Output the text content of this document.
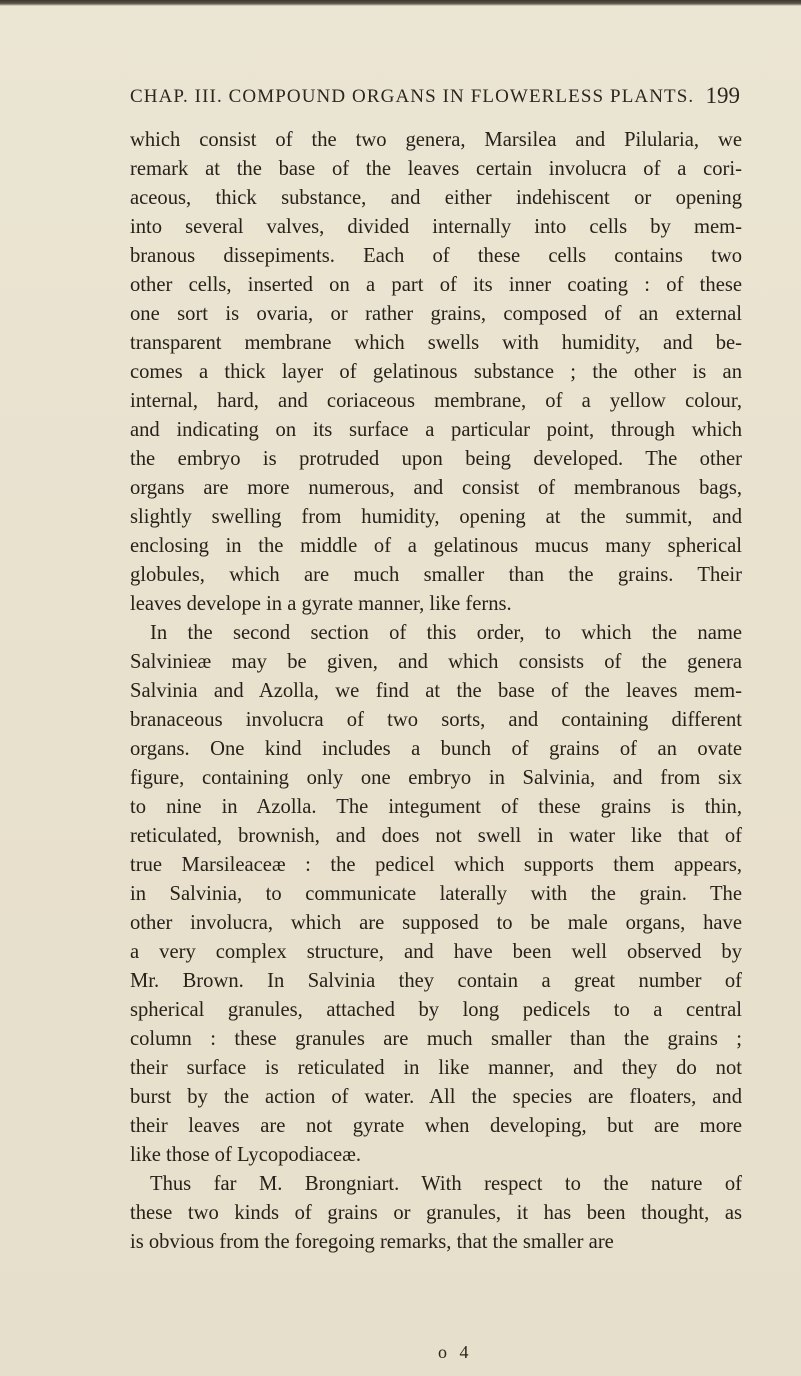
CHAP. III. COMPOUND ORGANS IN FLOWERLESS PLANTS. 199
which consist of the two genera, Marsilea and Pilularia, we
remark at the base of the leaves certain involucra of a cori-
aceous, thick substance, and either indehiscent or opening
into several valves, divided internally into cells by mem-
branous dissepiments. Each of these cells contains two
other cells, inserted on a part of its inner coating : of these
one sort is ovaria, or rather grains, composed of an external
transparent membrane which swells with humidity, and be-
comes a thick layer of gelatinous substance ; the other is an
internal, hard, and coriaceous membrane, of a yellow colour,
and indicating on its surface a particular point, through which
the embryo is protruded upon being developed. The other
organs are more numerous, and consist of membranous bags,
slightly swelling from humidity, opening at the summit, and
enclosing in the middle of a gelatinous mucus many spherical
globules, which are much smaller than the grains. Their
leaves develope in a gyrate manner, like ferns.
In the second section of this order, to which the name
Salvinieæ may be given, and which consists of the genera
Salvinia and Azolla, we find at the base of the leaves mem-
branaceous involucra of two sorts, and containing different
organs. One kind includes a bunch of grains of an ovate
figure, containing only one embryo in Salvinia, and from six
to nine in Azolla. The integument of these grains is thin,
reticulated, brownish, and does not swell in water like that of
true Marsileaceæ : the pedicel which supports them appears,
in Salvinia, to communicate laterally with the grain. The
other involucra, which are supposed to be male organs, have
a very complex structure, and have been well observed by
Mr. Brown. In Salvinia they contain a great number of
spherical granules, attached by long pedicels to a central
column : these granules are much smaller than the grains ;
their surface is reticulated in like manner, and they do not
burst by the action of water. All the species are floaters, and
their leaves are not gyrate when developing, but are more
like those of Lycopodiaceæ.
Thus far M. Brongniart. With respect to the nature of
these two kinds of grains or granules, it has been thought, as
is obvious from the foregoing remarks, that the smaller are
o 4
